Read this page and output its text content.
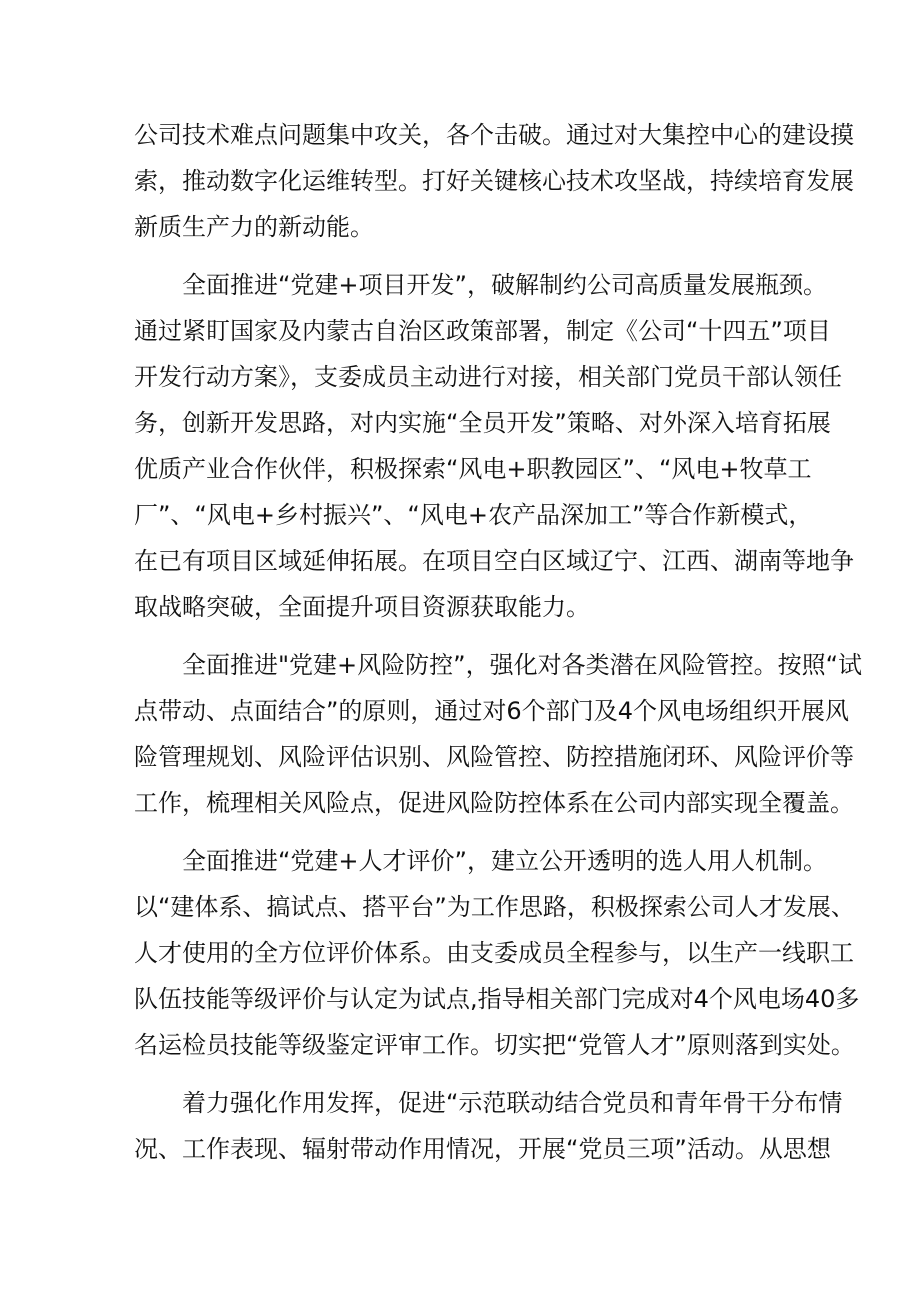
公司技术难点问题集中攻关，各个击破。通过对大集控中心的建设摸
索，推动数字化运维转型。打好关键核心技术攻坚战，持续培育发展
新质生产力的新动能。
全面推进“党建+项目开发”，破解制约公司高质量发展瓶颈。
通过紧盯国家及内蒙古自治区政策部署，制定《公司“十四五”项目
开发行动方案》，支委成员主动进行对接，相关部门党员干部认领任
务，创新开发思路，对内实施“全员开发”策略、对外深入培育拓展
优质产业合作伙伴，积极探索“风电+职教园区”、“风电+牧草工
厂”、“风电+乡村振兴”、“风电+农产品深加工”等合作新模式，
在已有项目区域延伸拓展。在项目空白区域辽宁、江西、湖南等地争
取战略突破，全面提升项目资源获取能力。
全面推进"党建+风险防控”，强化对各类潜在风险管控。按照“试
点带动、点面结合”的原则，通过对6个部门及4个风电场组织开展风
险管理规划、风险评估识别、风险管控、防控措施闭环、风险评价等
工作，梳理相关风险点，促进风险防控体系在公司内部实现全覆盖。
全面推进“党建+人才评价”，建立公开透明的选人用人机制。
以“建体系、搞试点、搭平台”为工作思路，积极探索公司人才发展、
人才使用的全方位评价体系。由支委成员全程参与，以生产一线职工
队伍技能等级评价与认定为试点,指导相关部门完成对4个风电场40多
名运检员技能等级鉴定评审工作。切实把“党管人才”原则落到实处。
着力强化作用发挥，促进“示范联动结合党员和青年骨干分布情
况、工作表现、辐射带动作用情况，开展“党员三项”活动。从思想
